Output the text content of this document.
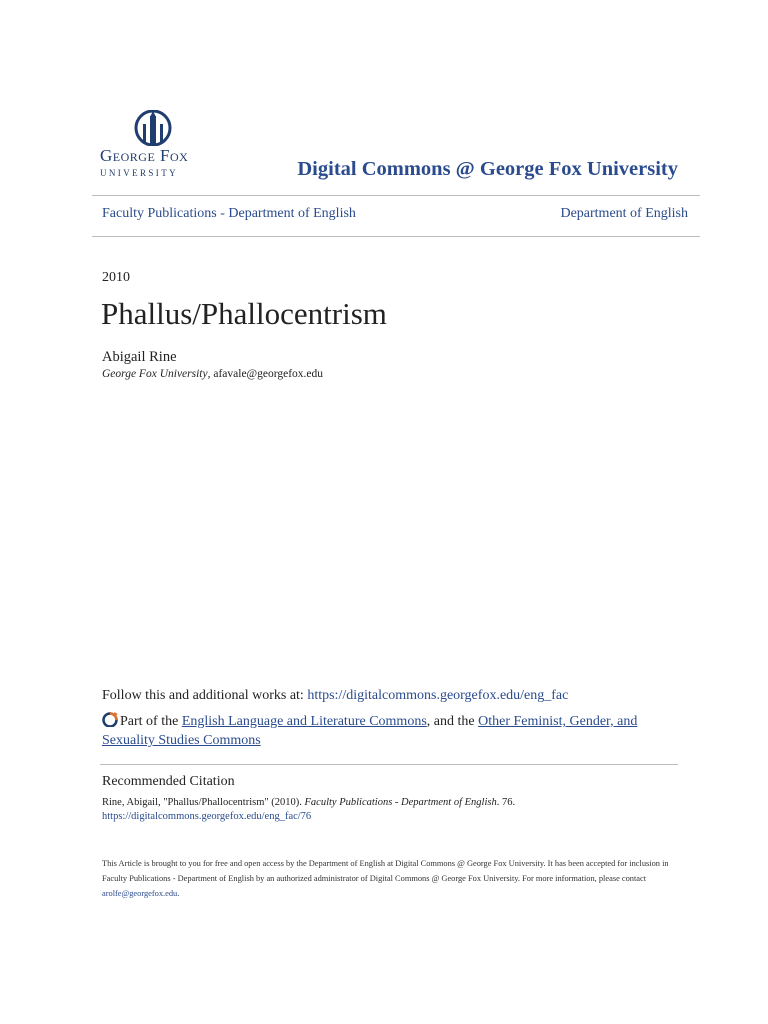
George Fox
UNIVERSITY	Digital Commons @ George Fox University
Faculty Publications - Department of English	Department of English
2010
Phallus/Phallocentrism
Abigail Rine
George Fox University, afavale@georgefox.edu
Follow this and additional works at: https://digitalcommons.georgefox.edu/eng_fac
Part of the English Language and Literature Commons, and the Other Feminist, Gender, and Sexuality Studies Commons
Recommended Citation
Rine, Abigail, "Phallus/Phallocentrism" (2010). Faculty Publications - Department of English. 76.
https://digitalcommons.georgefox.edu/eng_fac/76
This Article is brought to you for free and open access by the Department of English at Digital Commons @ George Fox University. It has been accepted for inclusion in Faculty Publications - Department of English by an authorized administrator of Digital Commons @ George Fox University. For more information, please contact arolfe@georgefox.edu.
